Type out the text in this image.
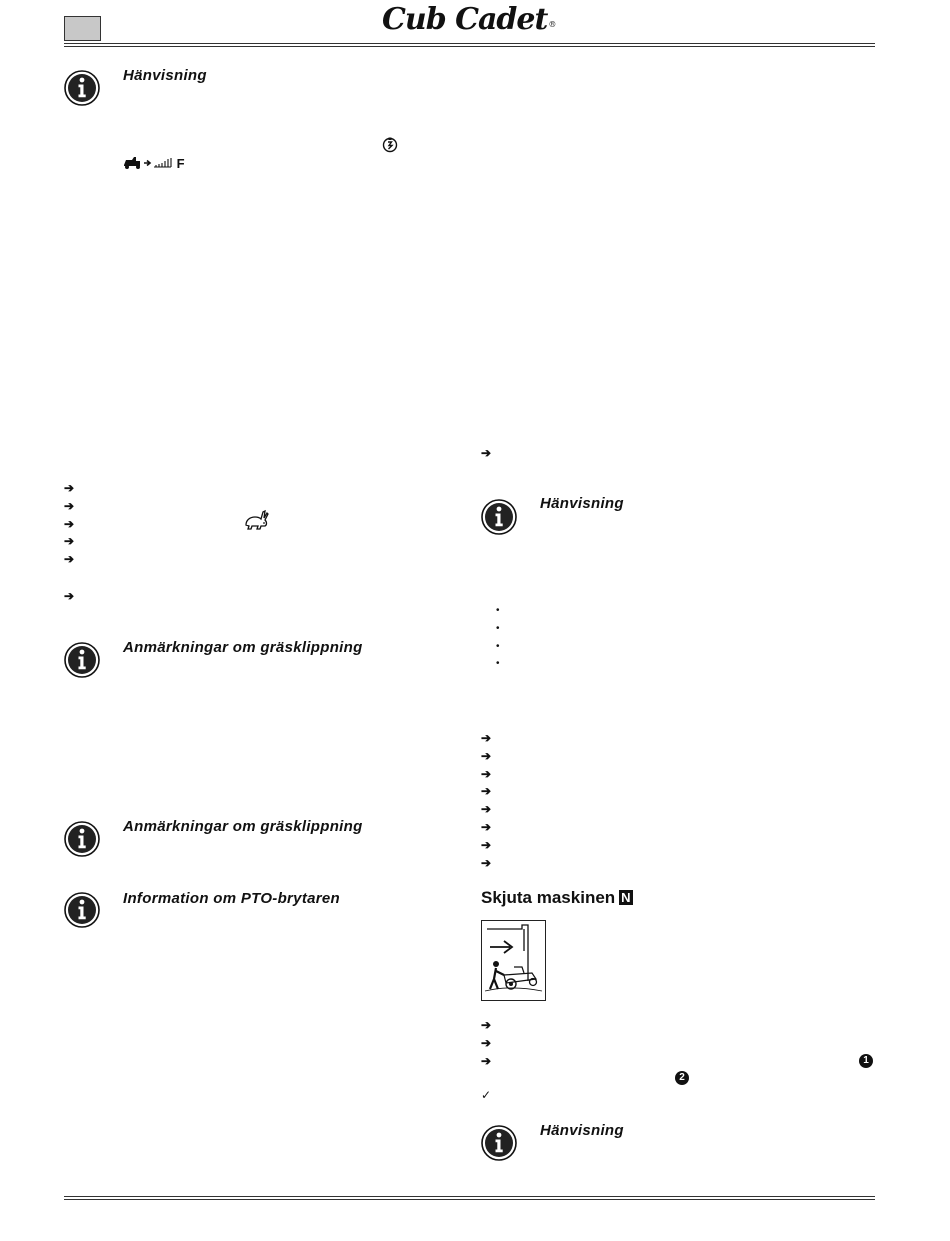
Cub Cadet®
Hänvisning
F
➔
➔
➔
➔
➔
➔
Anmärkningar om gräsklippning
Anmärkningar om gräsklippning
Information om PTO-brytaren
➔
Hänvisning
•
•
•
•
➔
➔
➔
➔
➔
➔
➔
➔
Skjuta maskinen N
➔
➔
➔	1
2
✓
Hänvisning
